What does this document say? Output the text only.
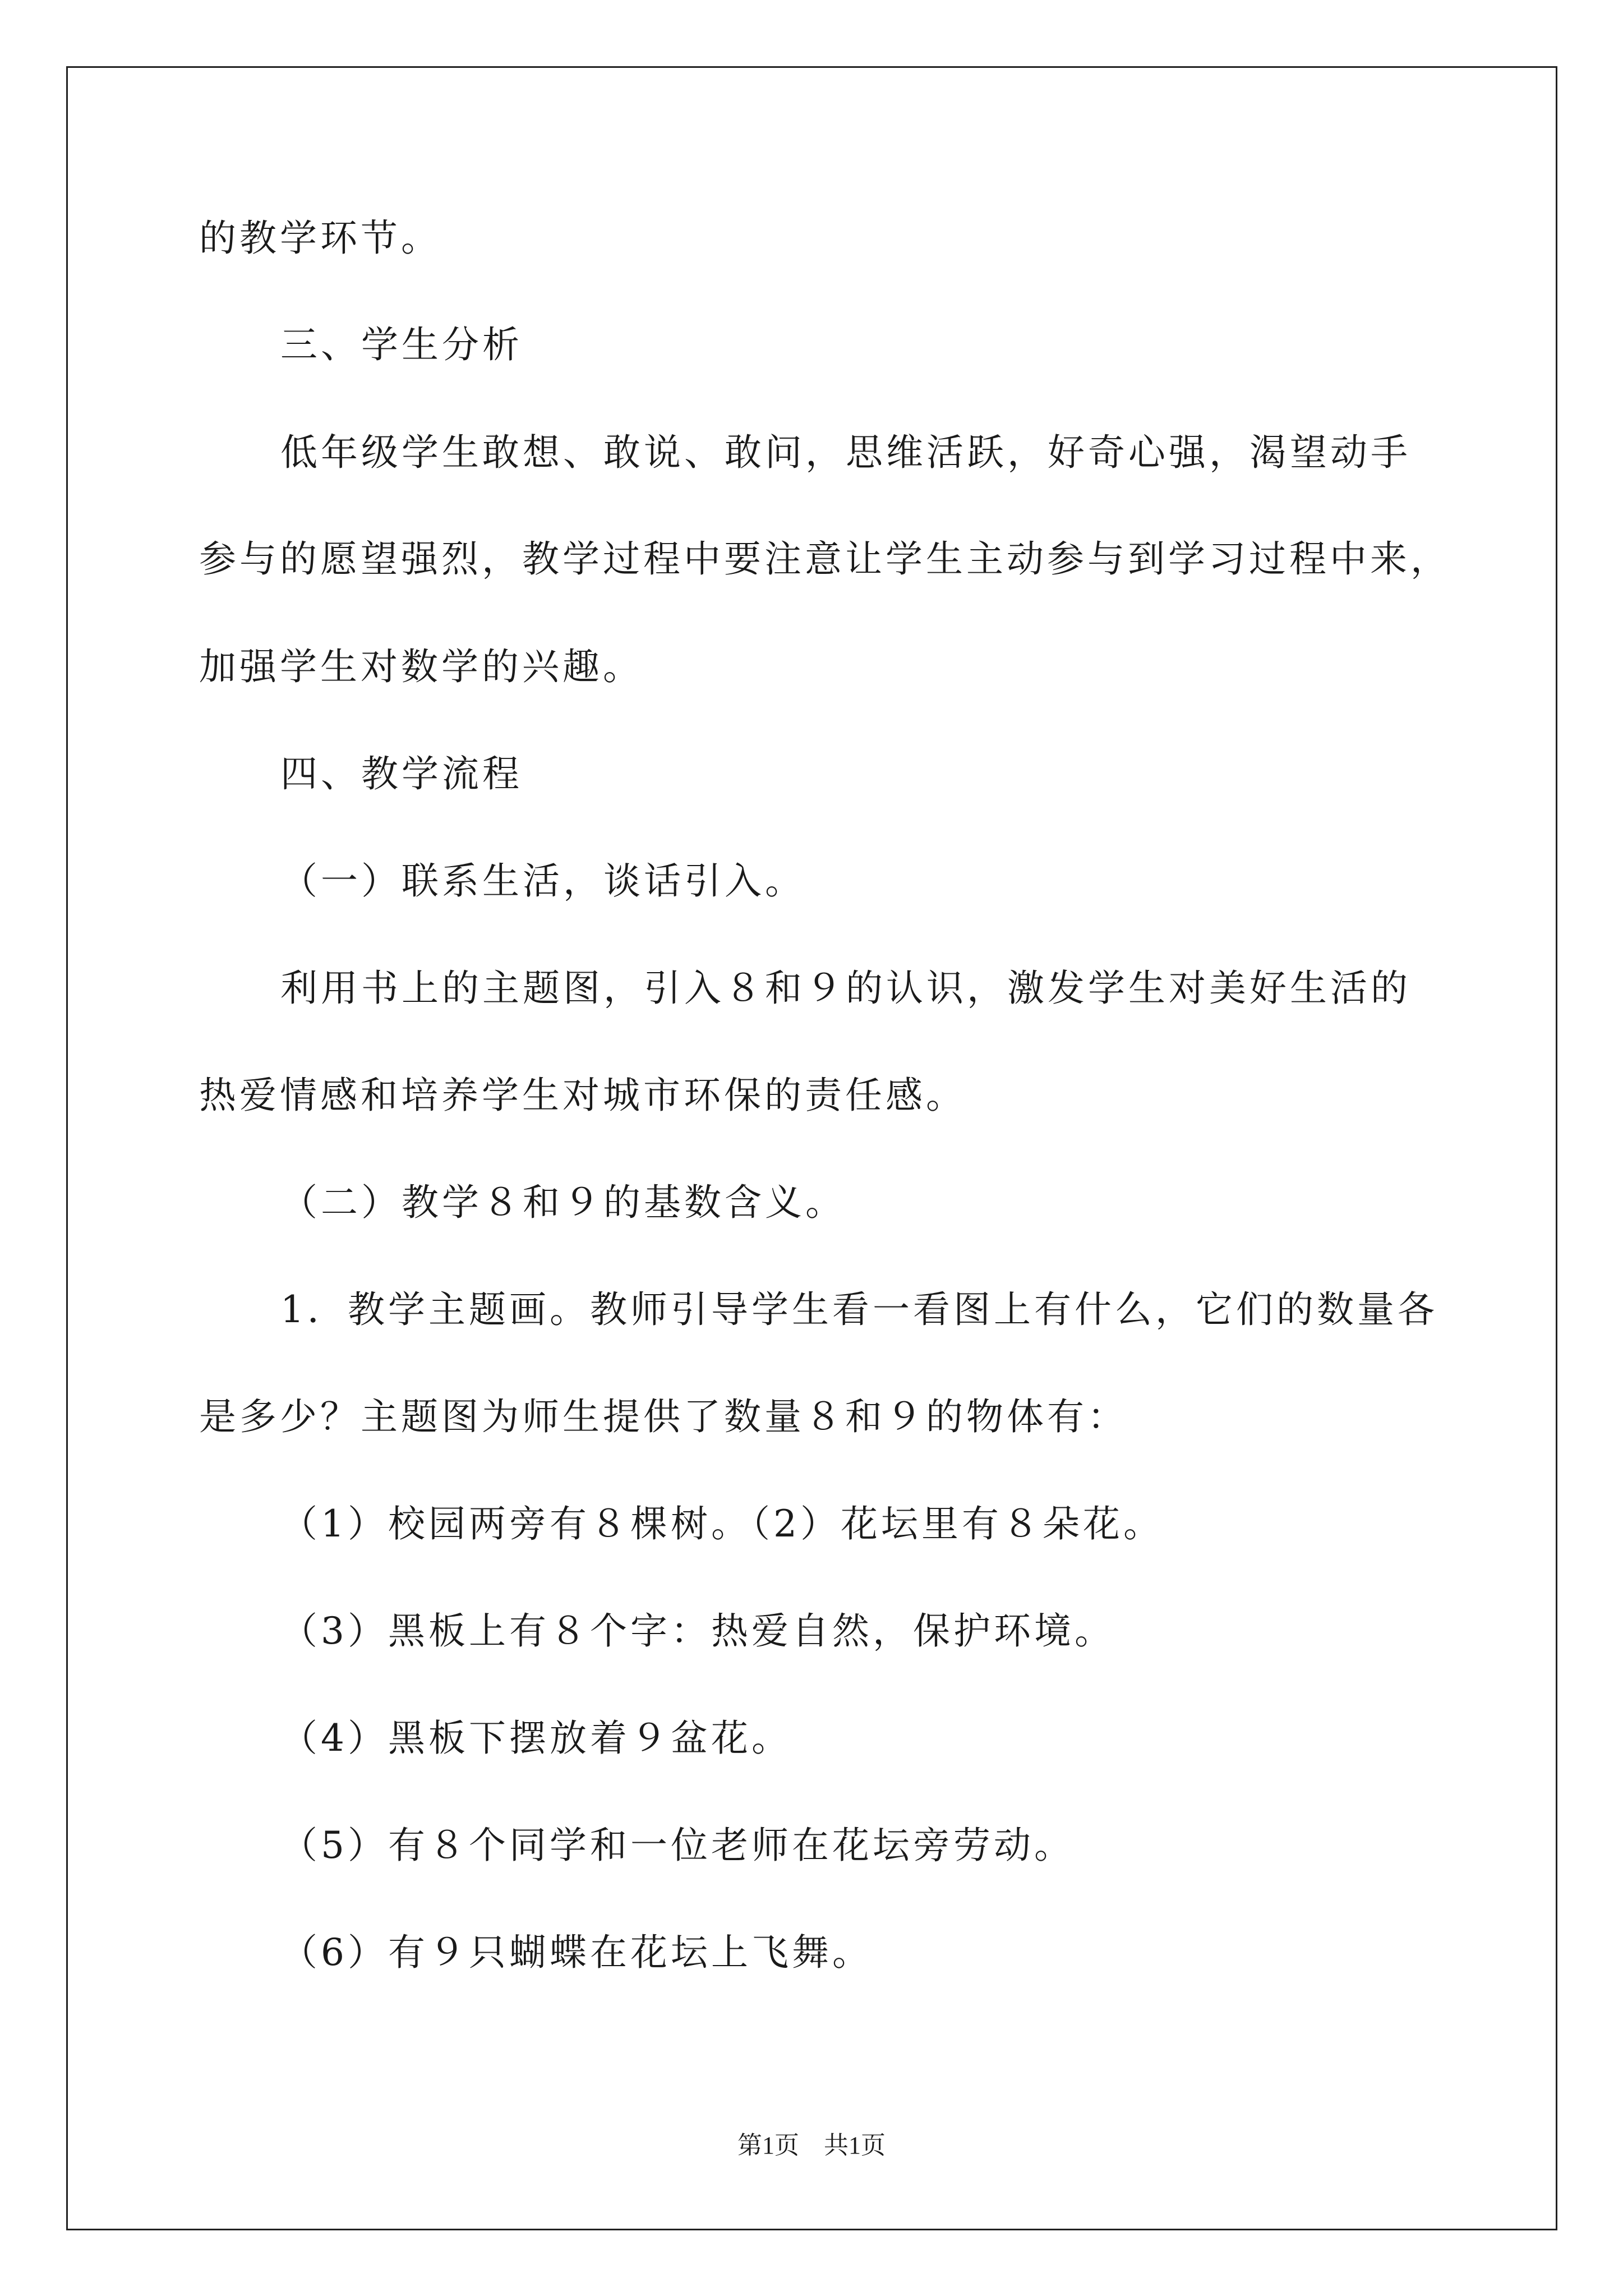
的教学环节。
三、学生分析
低年级学生敢想、敢说、敢问，思维活跃，好奇心强，渴望动手
参与的愿望强烈，教学过程中要注意让学生主动参与到学习过程中来，
加强学生对数学的兴趣。
四、教学流程
（一）联系生活，谈话引入。
利用书上的主题图，引入８和９的认识，激发学生对美好生活的
热爱情感和培养学生对城市环保的责任感。
（二）教学８和９的基数含义。
1．教学主题画。教师引导学生看一看图上有什么，它们的数量各
是多少？主题图为师生提供了数量８和９的物体有：
（1）校园两旁有８棵树。（2）花坛里有８朵花。
（3）黑板上有８个字：热爱自然，保护环境。
（4）黑板下摆放着９盆花。
（5）有８个同学和一位老师在花坛旁劳动。
（6）有９只蝴蝶在花坛上飞舞。
第1页　共1页
